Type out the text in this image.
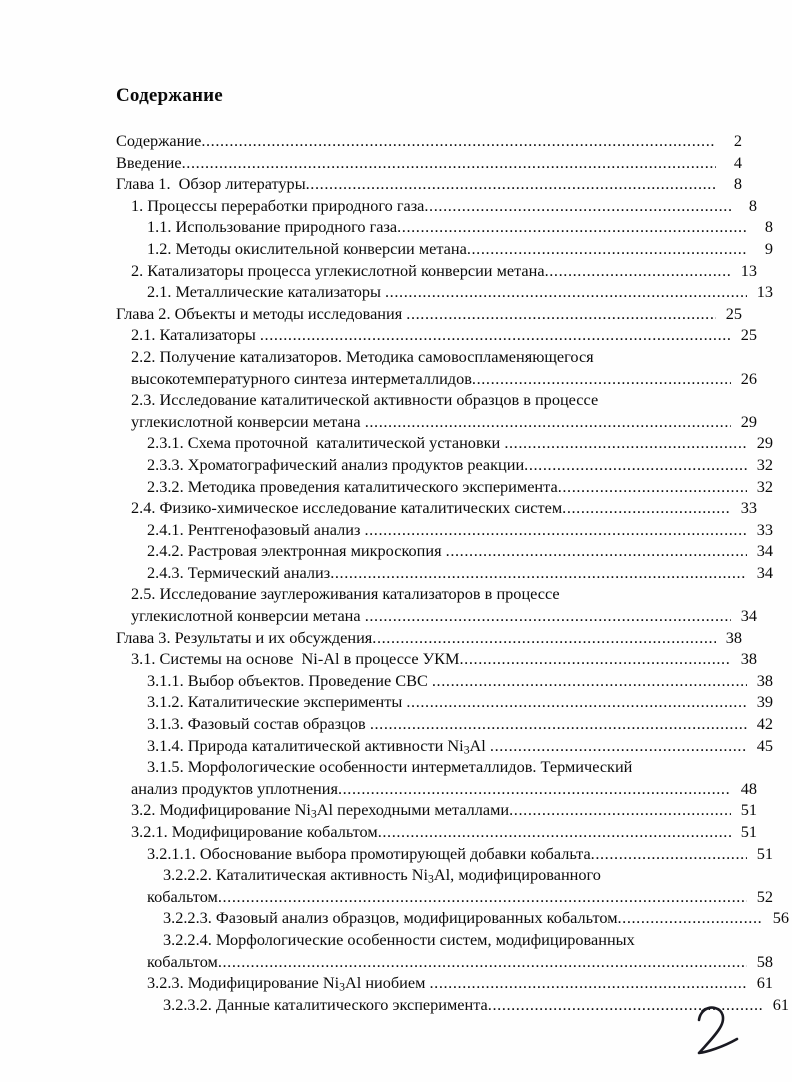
Содержание
Содержание .....	2
Введение .....	4
Глава 1.  Обзор литературы .....	8
1. Процессы переработки природного газа .....	8
1.1. Использование природного газа .....	8
1.2. Методы окислительной конверсии метана .....	9
2. Катализаторы процесса углекислотной конверсии метана .....	13
2.1. Металлические катализаторы .....	13
Глава 2. Объекты и методы исследования .....	25
2.1. Катализаторы .....	25
2.2. Получение катализаторов. Методика самовоспламеняющегося
высокотемпературного синтеза интерметаллидов .....	26
2.3. Исследование каталитической активности образцов в процессе
углекислотной конверсии метана .....	29
2.3.1. Схема проточной  каталитической установки .....	29
2.3.3. Хроматографический анализ продуктов реакции .....	32
2.3.2. Методика проведения каталитического эксперимента .....	32
2.4. Физико-химическое исследование каталитических систем .....	33
2.4.1. Рентгенофазовый анализ .....	33
2.4.2. Растровая электронная микроскопия .....	34
2.4.3. Термический анализ .....	34
2.5. Исследование зауглероживания катализаторов в процессе
углекислотной конверсии метана .....	34
Глава 3. Результаты и их обсуждения .....	38
3.1. Системы на основе  Ni-Al в процессе УКМ .....	38
3.1.1. Выбор объектов. Проведение СВС .....	38
3.1.2. Каталитические эксперименты .....	39
3.1.3. Фазовый состав образцов .....	42
3.1.4. Природа каталитической активности $Ni_3Al$ .....	45
3.1.5. Морфологические особенности интерметаллидов. Термический
анализ продуктов уплотнения .....	48
3.2. Модифицирование $Ni_3Al$ переходными металлами .....	51
3.2.1. Модифицирование кобальтом .....	51
3.2.1.1. Обоснование выбора промотирующей добавки кобальта .....	51
3.2.2.2. Каталитическая активность $Ni_3Al$, модифицированного
кобальтом .....	52
3.2.2.3. Фазовый анализ образцов, модифицированных кобальтом .....	56
3.2.2.4. Морфологические особенности систем, модифицированных
кобальтом .....	58
3.2.3. Модифицирование $Ni_3Al$ ниобием .....	61
3.2.3.2. Данные каталитического эксперимента .....	61
